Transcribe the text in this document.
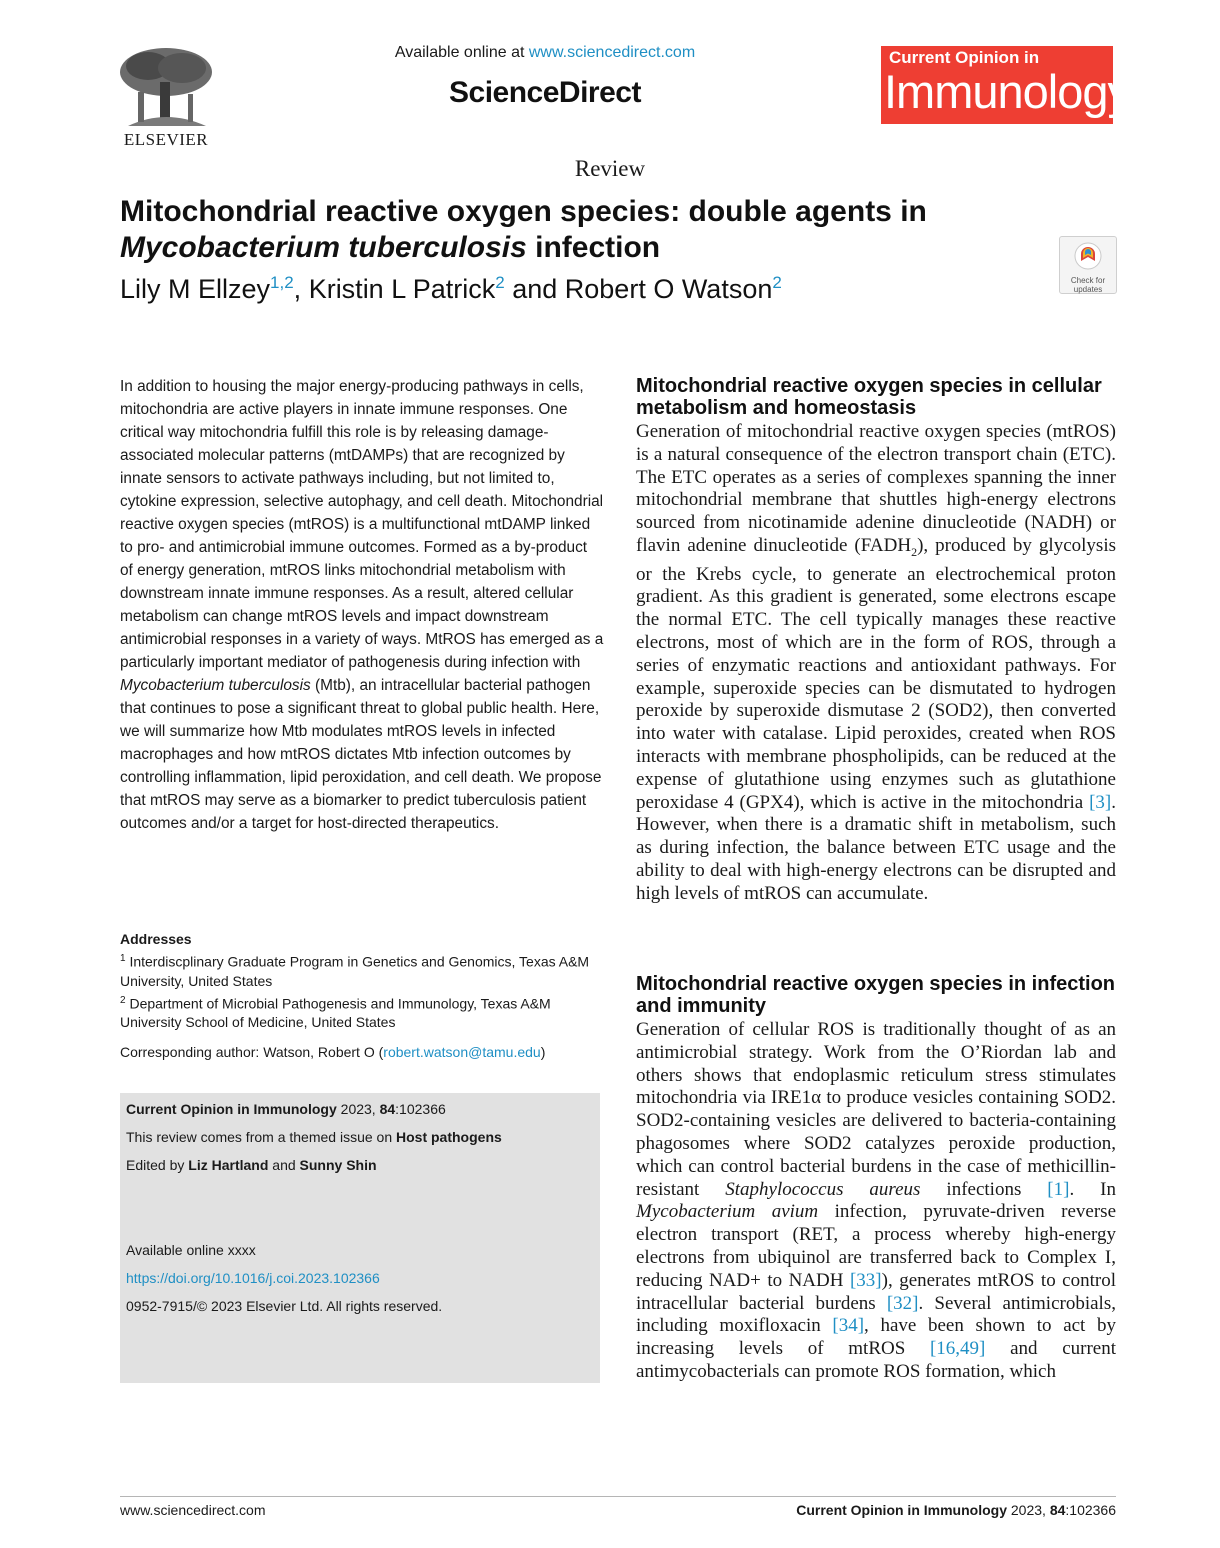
ELSEVIER
Available online at www.sciencedirect.com
ScienceDirect
Current Opinion in
Immunology
Review
Mitochondrial reactive oxygen species: double agents in
Mycobacterium tuberculosis infection
Lily M Ellzey$^{1,2}$, Kristin L Patrick$^2$ and Robert O Watson$^2$	Check for
updates
In addition to housing the major energy-producing pathways in cells, mitochondria are active players in innate immune responses. One critical way mitochondria fulfill this role is by releasing damage-associated molecular patterns (mtDAMPs) that are recognized by innate sensors to activate pathways including, but not limited to, cytokine expression, selective autophagy, and cell death. Mitochondrial reactive oxygen species (mtROS) is a multifunctional mtDAMP linked to pro- and antimicrobial immune outcomes. Formed as a by-product of energy generation, mtROS links mitochondrial metabolism with downstream innate immune responses. As a result, altered cellular metabolism can change mtROS levels and impact downstream antimicrobial responses in a variety of ways. MtROS has emerged as a particularly important mediator of pathogenesis during infection with Mycobacterium tuberculosis (Mtb), an intracellular bacterial pathogen that continues to pose a significant threat to global public health. Here, we will summarize how Mtb modulates mtROS levels in infected macrophages and how mtROS dictates Mtb infection outcomes by controlling inflammation, lipid peroxidation, and cell death. We propose that mtROS may serve as a biomarker to predict tuberculosis patient outcomes and/or a target for host-directed therapeutics.
Addresses
$^1$ Interdiscplinary Graduate Program in Genetics and Genomics, Texas A&M University, United States
$^2$ Department of Microbial Pathogenesis and Immunology, Texas A&M University School of Medicine, United States
Corresponding author: Watson, Robert O (robert.watson@tamu.edu)
Current Opinion in Immunology 2023, 84:102366
This review comes from a themed issue on Host pathogens
Edited by Liz Hartland and Sunny Shin
Available online xxxx
https://doi.org/10.1016/j.coi.2023.102366
0952-7915/© 2023 Elsevier Ltd. All rights reserved.
Mitochondrial reactive oxygen species in cellular metabolism and homeostasis
Generation of mitochondrial reactive oxygen species (mtROS) is a natural consequence of the electron transport chain (ETC). The ETC operates as a series of complexes spanning the inner mitochondrial membrane that shuttles high-energy electrons sourced from nicotinamide adenine dinucleotide (NADH) or flavin adenine dinucleotide $(FADH_2)$, produced by glycolysis or the Krebs cycle, to generate an electrochemical proton gradient. As this gradient is generated, some electrons escape the normal ETC. The cell typically manages these reactive electrons, most of which are in the form of ROS, through a series of enzymatic reactions and antioxidant pathways. For example, superoxide species can be dismutated to hydrogen peroxide by superoxide dismutase 2 (SOD2), then converted into water with catalase. Lipid peroxides, created when ROS interacts with membrane phospholipids, can be reduced at the expense of glutathione using enzymes such as glutathione peroxidase 4 (GPX4), which is active in the mitochondria [3]. However, when there is a dramatic shift in metabolism, such as during infection, the balance between ETC usage and the ability to deal with high-energy electrons can be disrupted and high levels of mtROS can accumulate.
Mitochondrial reactive oxygen species in infection and immunity
Generation of cellular ROS is traditionally thought of as an antimicrobial strategy. Work from the O’Riordan lab and others shows that endoplasmic reticulum stress stimulates mitochondria via IRE1α to produce vesicles containing SOD2. SOD2-containing vesicles are delivered to bacteria-containing phagosomes where SOD2 catalyzes peroxide production, which can control bacterial burdens in the case of methicillin-resistant Staphylococcus aureus infections [1]. In Mycobacterium avium infection, pyruvate-driven reverse electron transport (RET, a process whereby high-energy electrons from ubiquinol are transferred back to Complex I, reducing NAD+ to NADH [33]), generates mtROS to control intracellular bacterial burdens [32]. Several antimicrobials, including moxifloxacin [34], have been shown to act by increasing levels of mtROS [16,49] and current antimycobacterials can promote ROS formation, which
www.sciencedirect.com	Current Opinion in Immunology 2023, 84:102366
